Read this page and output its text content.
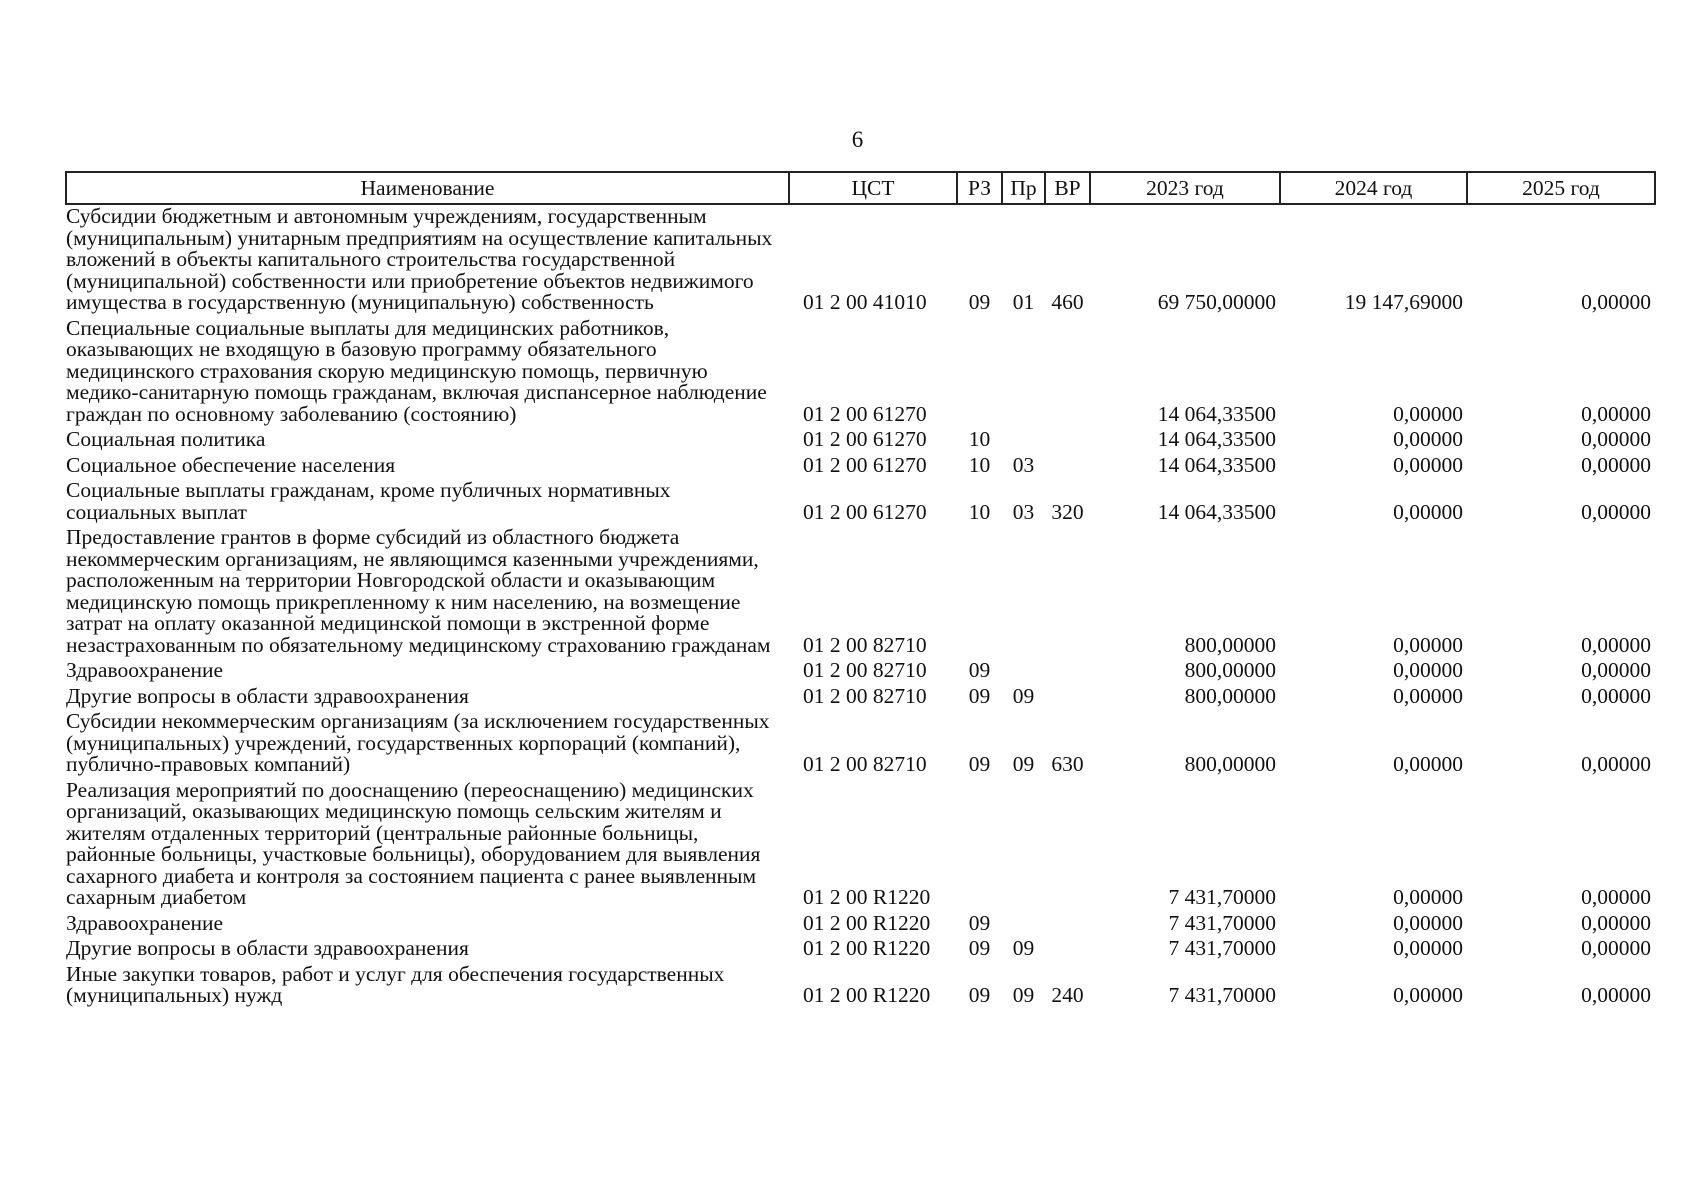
6
Наименование	ЦСТ	РЗ	Пр	ВР	2023 год	2024 год	2025 год
Субсидии бюджетным и автономным учреждениям, государственным (муниципальным) унитарным предприятиям на осуществление капитальных вложений в объекты капитального строительства государственной (муниципальной) собственности или приобретение объектов недвижимого имущества в государственную (муниципальную) собственность	01 2 00 41010	09	01	460	69 750,00000	19 147,69000	0,00000
Специальные социальные выплаты для медицинских работников, оказывающих не входящую в базовую программу обязательного медицинского страхования скорую медицинскую помощь, первичную медико-санитарную помощь гражданам, включая диспансерное наблюдение граждан по основному заболеванию (состоянию)	01 2 00 61270				14 064,33500	0,00000	0,00000
Социальная политика	01 2 00 61270	10			14 064,33500	0,00000	0,00000
Социальное обеспечение населения	01 2 00 61270	10	03		14 064,33500	0,00000	0,00000
Социальные выплаты гражданам, кроме публичных нормативных социальных выплат	01 2 00 61270	10	03	320	14 064,33500	0,00000	0,00000
Предоставление грантов в форме субсидий из областного бюджета некоммерческим организациям, не являющимся казенными учреждениями, расположенным на территории Новгородской области и оказывающим медицинскую помощь прикрепленному к ним населению, на возмещение затрат на оплату оказанной медицинской помощи в экстренной форме незастрахованным по обязательному медицинскому страхованию гражданам	01 2 00 82710				800,00000	0,00000	0,00000
Здравоохранение	01 2 00 82710	09			800,00000	0,00000	0,00000
Другие вопросы в области здравоохранения	01 2 00 82710	09	09		800,00000	0,00000	0,00000
Субсидии некоммерческим организациям (за исключением государственных (муниципальных) учреждений, государственных корпораций (компаний), публично-правовых компаний)	01 2 00 82710	09	09	630	800,00000	0,00000	0,00000
Реализация мероприятий по дооснащению (переоснащению) медицинских организаций, оказывающих медицинскую помощь сельским жителям и жителям отдаленных территорий (центральные районные больницы, районные больницы, участковые больницы), оборудованием для выявления сахарного диабета и контроля за состоянием пациента с ранее выявленным сахарным диабетом	01 2 00 R1220				7 431,70000	0,00000	0,00000
Здравоохранение	01 2 00 R1220	09			7 431,70000	0,00000	0,00000
Другие вопросы в области здравоохранения	01 2 00 R1220	09	09		7 431,70000	0,00000	0,00000
Иные закупки товаров, работ и услуг для обеспечения государственных (муниципальных) нужд	01 2 00 R1220	09	09	240	7 431,70000	0,00000	0,00000
